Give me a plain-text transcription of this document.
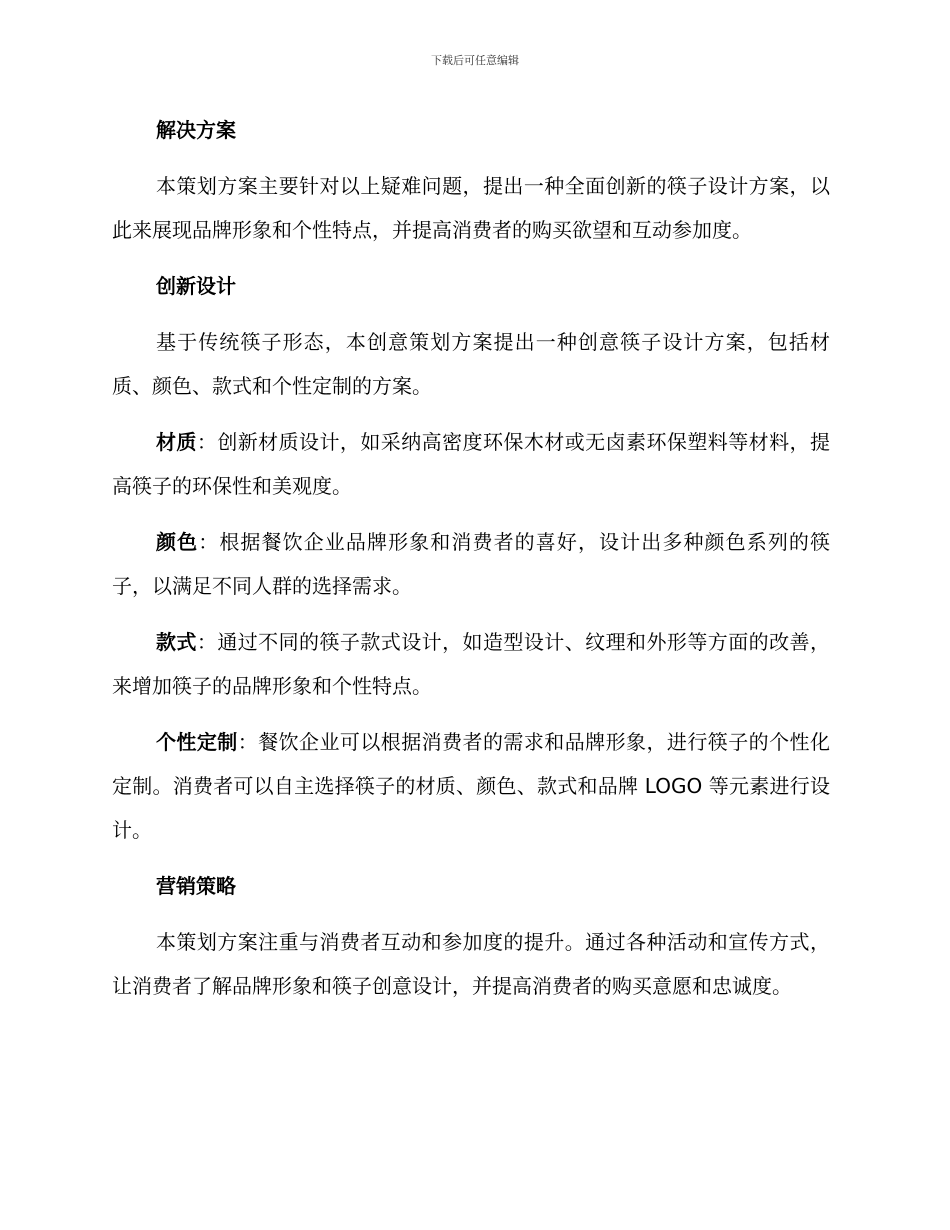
下载后可任意编辑
解决方案
本策划方案主要针对以上疑难问题，提出一种全面创新的筷子设计方案，以此来展现品牌形象和个性特点，并提高消费者的购买欲望和互动参加度。
创新设计
基于传统筷子形态，本创意策划方案提出一种创意筷子设计方案，包括材质、颜色、款式和个性定制的方案。
材质：创新材质设计，如采纳高密度环保木材或无卤素环保塑料等材料，提高筷子的环保性和美观度。
颜色：根据餐饮企业品牌形象和消费者的喜好，设计出多种颜色系列的筷子，以满足不同人群的选择需求。
款式：通过不同的筷子款式设计，如造型设计、纹理和外形等方面的改善，来增加筷子的品牌形象和个性特点。
个性定制：餐饮企业可以根据消费者的需求和品牌形象，进行筷子的个性化定制。消费者可以自主选择筷子的材质、颜色、款式和品牌 LOGO 等元素进行设计。
营销策略
本策划方案注重与消费者互动和参加度的提升。通过各种活动和宣传方式，让消费者了解品牌形象和筷子创意设计，并提高消费者的购买意愿和忠诚度。
